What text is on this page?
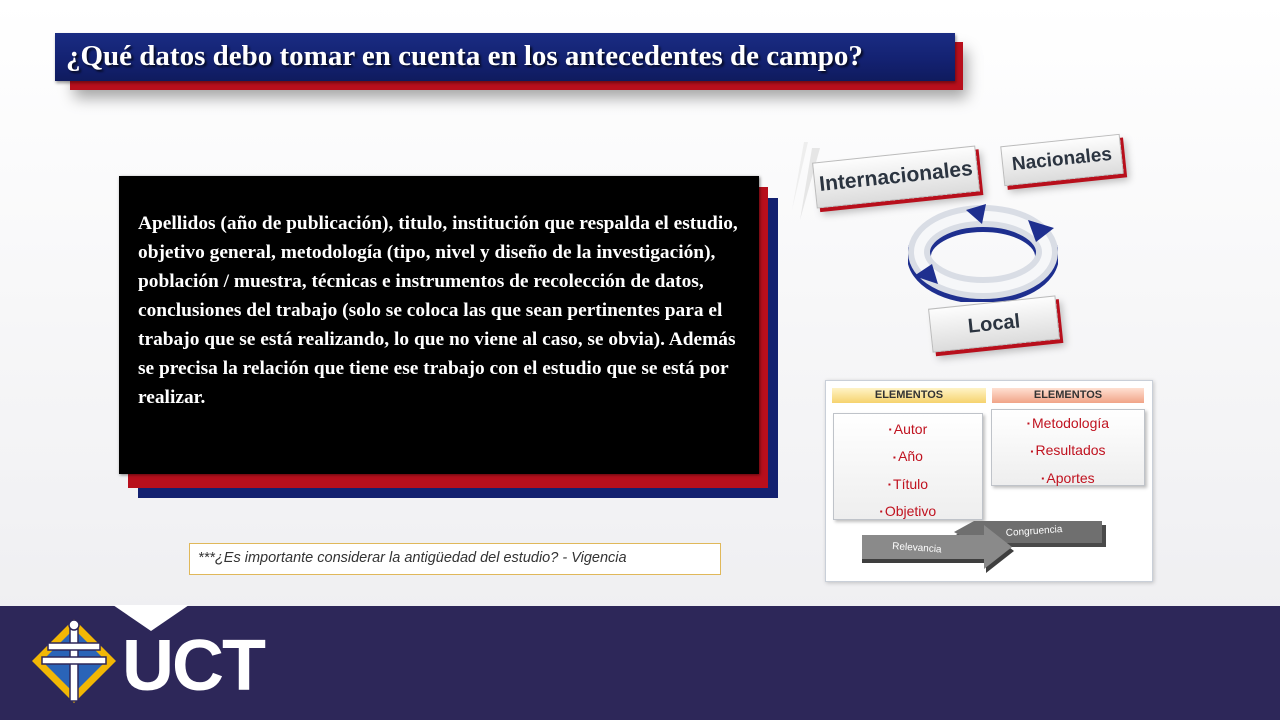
¿Qué datos debo tomar en cuenta en los antecedentes de campo?

Apellidos (año de publicación), titulo, institución que respalda el estudio, objetivo general, metodología (tipo, nivel y diseño de la investigación), población / muestra, técnicas e instrumentos de recolección de datos, conclusiones del trabajo (solo se coloca las que sean pertinentes para el trabajo que se está realizando, lo que no viene al caso, se obvia). Además se precisa la relación que tiene ese trabajo con el estudio que se está por realizar.

***¿Es importante considerar la antigüedad del estudio? - Vigencia

Internacionales	Nacionales
Local
ELEMENTOS	ELEMENTOS
▪ Autor
▪ Año
▪ Título
▪ Objetivo
▪ Metodología
▪ Resultados
▪ Aportes
Congruencia
Relevancia

UCT
